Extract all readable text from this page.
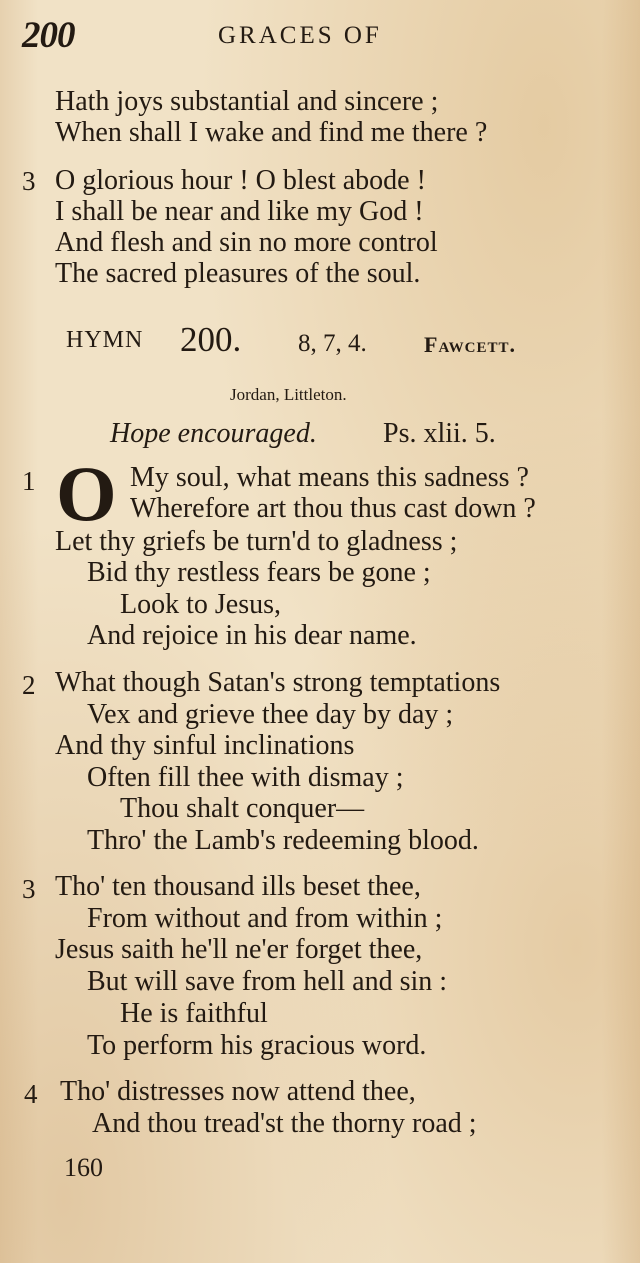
200	GRACES OF
Hath joys substantial and sincere ;
When shall I wake and find me there ?
3 O glorious hour ! O blest abode !
I shall be near and like my God !
And flesh and sin no more control
The sacred pleasures of the soul.
HYMN 200. 8, 7, 4.	Fawcett.
Jordan, Littleton.
Hope encouraged. Ps. xlii. 5.
1 O My soul, what means this sadness ?
Wherefore art thou thus cast down ?
Let thy griefs be turn'd to gladness ;
Bid thy restless fears be gone ;
Look to Jesus,
And rejoice in his dear name.
2 What though Satan's strong temptations
Vex and grieve thee day by day ;
And thy sinful inclinations
Often fill thee with dismay ;
Thou shalt conquer—
Thro' the Lamb's redeeming blood.
3 Tho' ten thousand ills beset thee,
From without and from within ;
Jesus saith he'll ne'er forget thee,
But will save from hell and sin :
He is faithful
To perform his gracious word.
4 Tho' distresses now attend thee,
And thou tread'st the thorny road ;
160
